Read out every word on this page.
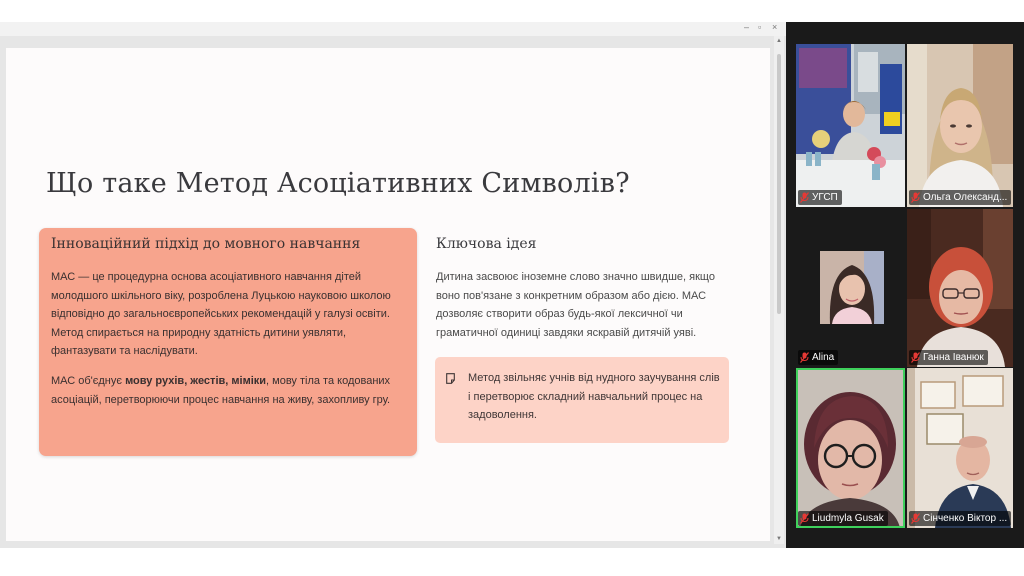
‒ ▫ ×
Що таке Метод Асоціативних Символів?
Інноваційний підхід до мовного навчання

МАС — це процедурна основа асоціативного навчання дітей молодшого шкільного віку, розроблена Луцькою науковою школою відповідно до загальноєвропейських рекомендацій у галузі освіти. Метод спирається на природну здатність дитини уявляти, фантазувати та наслідувати.

МАС об'єднує мову рухів, жестів, міміки, мову тіла та кодованих асоціацій, перетворюючи процес навчання на живу, захопливу гру.

Ключова ідея

Дитина засвоює іноземне слово значно швидше, якщо воно пов'язане з конкретним образом або дією. МАС дозволяє створити образ будь-якої лексичної чи граматичної одиниці завдяки яскравій дитячій уяві.

Метод звільняє учнів від нудного заучування слів і перетворює складний навчальний процес на задоволення.

▲
▼
УГСП	Ольга Олександ...
Alina	Ганна Іванюк
Liudmyla Gusak	Сінченко Віктор ...
